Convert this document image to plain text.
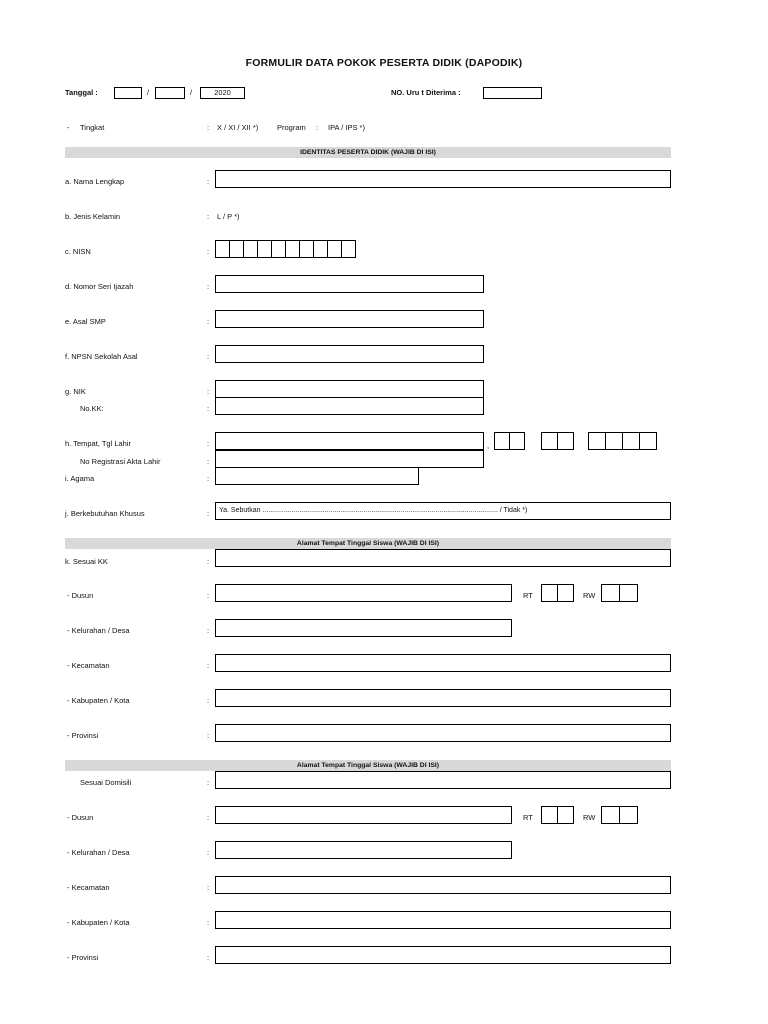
FORMULIR DATA POKOK PESERTA DIDIK (DAPODIK)
Tanggal :	/	/	2020	NO. Uru t Diterima :
- Tingkat	: X / XI / XII *) Program : IPA / IPS *)
IDENTITAS PESERTA DIDIK (WAJIB DI ISI)
a. Nama Lengkap	:
b. Jenis Kelamin	: L / P *)
c. NISN	:
d. Nomor Seri Ijazah	:
e. Asal SMP	:
f. NPSN Sekolah Asal	:
g. NIK	:
No.KK:	:
h. Tempat, Tgl Lahir	:	,
No Registrasi Akta Lahir	:
i. Agama	:
j. Berkebutuhan Khusus	:	Ya. Sebutkan ......................................................................................................................... / Tidak *)
Alamat Tempat Tinggal Siswa (WAJIB DI ISI)
k. Sesuai KK	:
- Dusun	:	RT	RW
- Kelurahan / Desa	:
- Kecamatan	:
- Kabupaten / Kota	:
- Provinsi	:
Alamat Tempat Tinggal Siswa (WAJIB DI ISI)
Sesuai Domisili	:
- Dusun	:	RT	RW
- Kelurahan / Desa	:
- Kecamatan	:
- Kabupaten / Kota	:
- Provinsi	:
